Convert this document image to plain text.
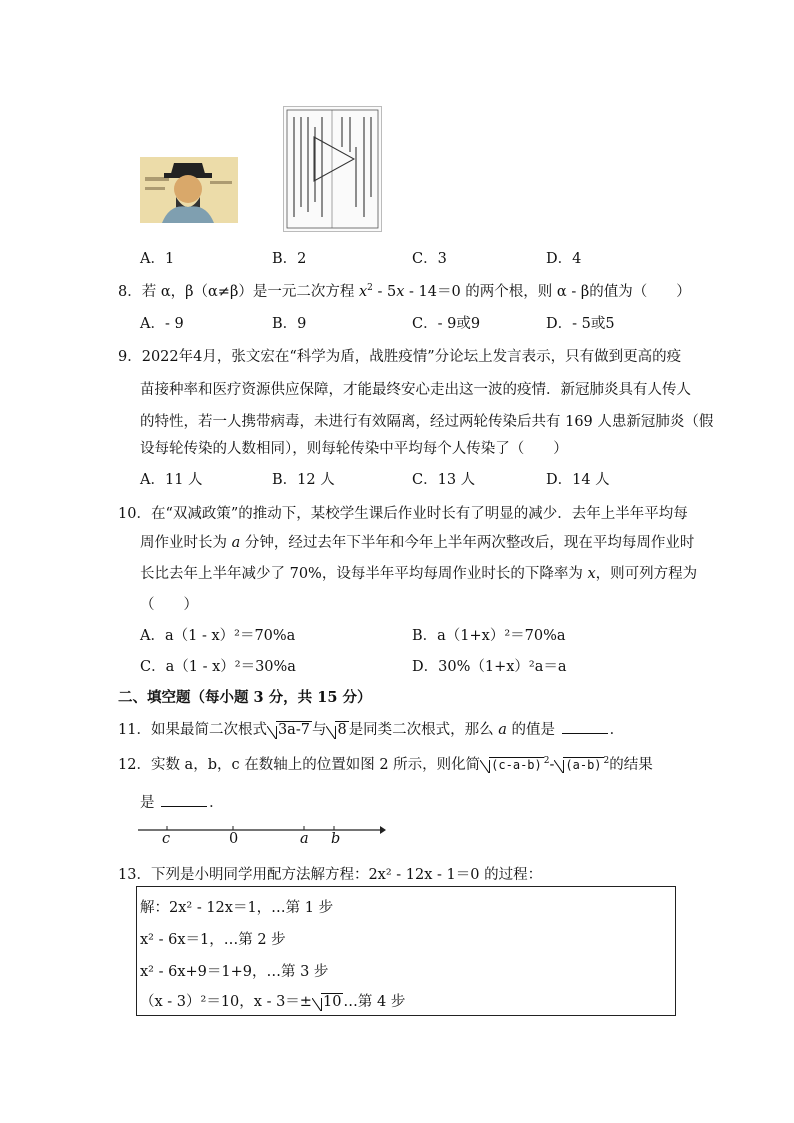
A．1	B．2	C．3	D．4
8．若 α，β（α≠β）是一元二次方程 $x^2 - 5x - 14=0$ 的两个根，则 α - β的值为（　　）
A．- 9	B．9	C．- 9或9	D．- 5或5
9．2022年4月，张文宏在“科学为盾，战胜疫情”分论坛上发言表示，只有做到更高的疫
苗接种率和医疗资源供应保障，才能最终安心走出这一波的疫情．新冠肺炎具有人传人
的特性，若一人携带病毒，未进行有效隔离，经过两轮传染后共有 169 人患新冠肺炎（假
设每轮传染的人数相同），则每轮传染中平均每个人传染了（　　）
A．11 人	B．12 人	C．13 人	D．14 人
10．在“双减政策”的推动下，某校学生课后作业时长有了明显的减少．去年上半年平均每
周作业时长为 a 分钟，经过去年下半年和今年上半年两次整改后，现在平均每周作业时
长比去年上半年减少了 70%，设每半年平均每周作业时长的下降率为 x，则可列方程为
（　　）
A．a（1 - x）²＝70%a	B．a（1+x）²＝70%a
C．a（1 - x）²＝30%a	D．30%（1+x）²a＝a
二、填空题（每小题 3 分，共 15 分）
11．如果最简二次根式 3a-7 与 8 是同类二次根式，那么 a 的值是	．
12．实数 a，b，c 在数轴上的位置如图 2 所示，则化简 (c-a-b) $^2$- (a-b) $^2$的结果
是	．
c	0	a b
13．下列是小明同学用配方法解方程：2x² - 12x - 1＝0 的过程：
解：2x² - 12x＝1，…第 1 步
x² - 6x＝1，…第 2 步
x² - 6x+9＝1+9，…第 3 步
（x - 3）²＝10，x - 3＝± 10 …第 4 步
